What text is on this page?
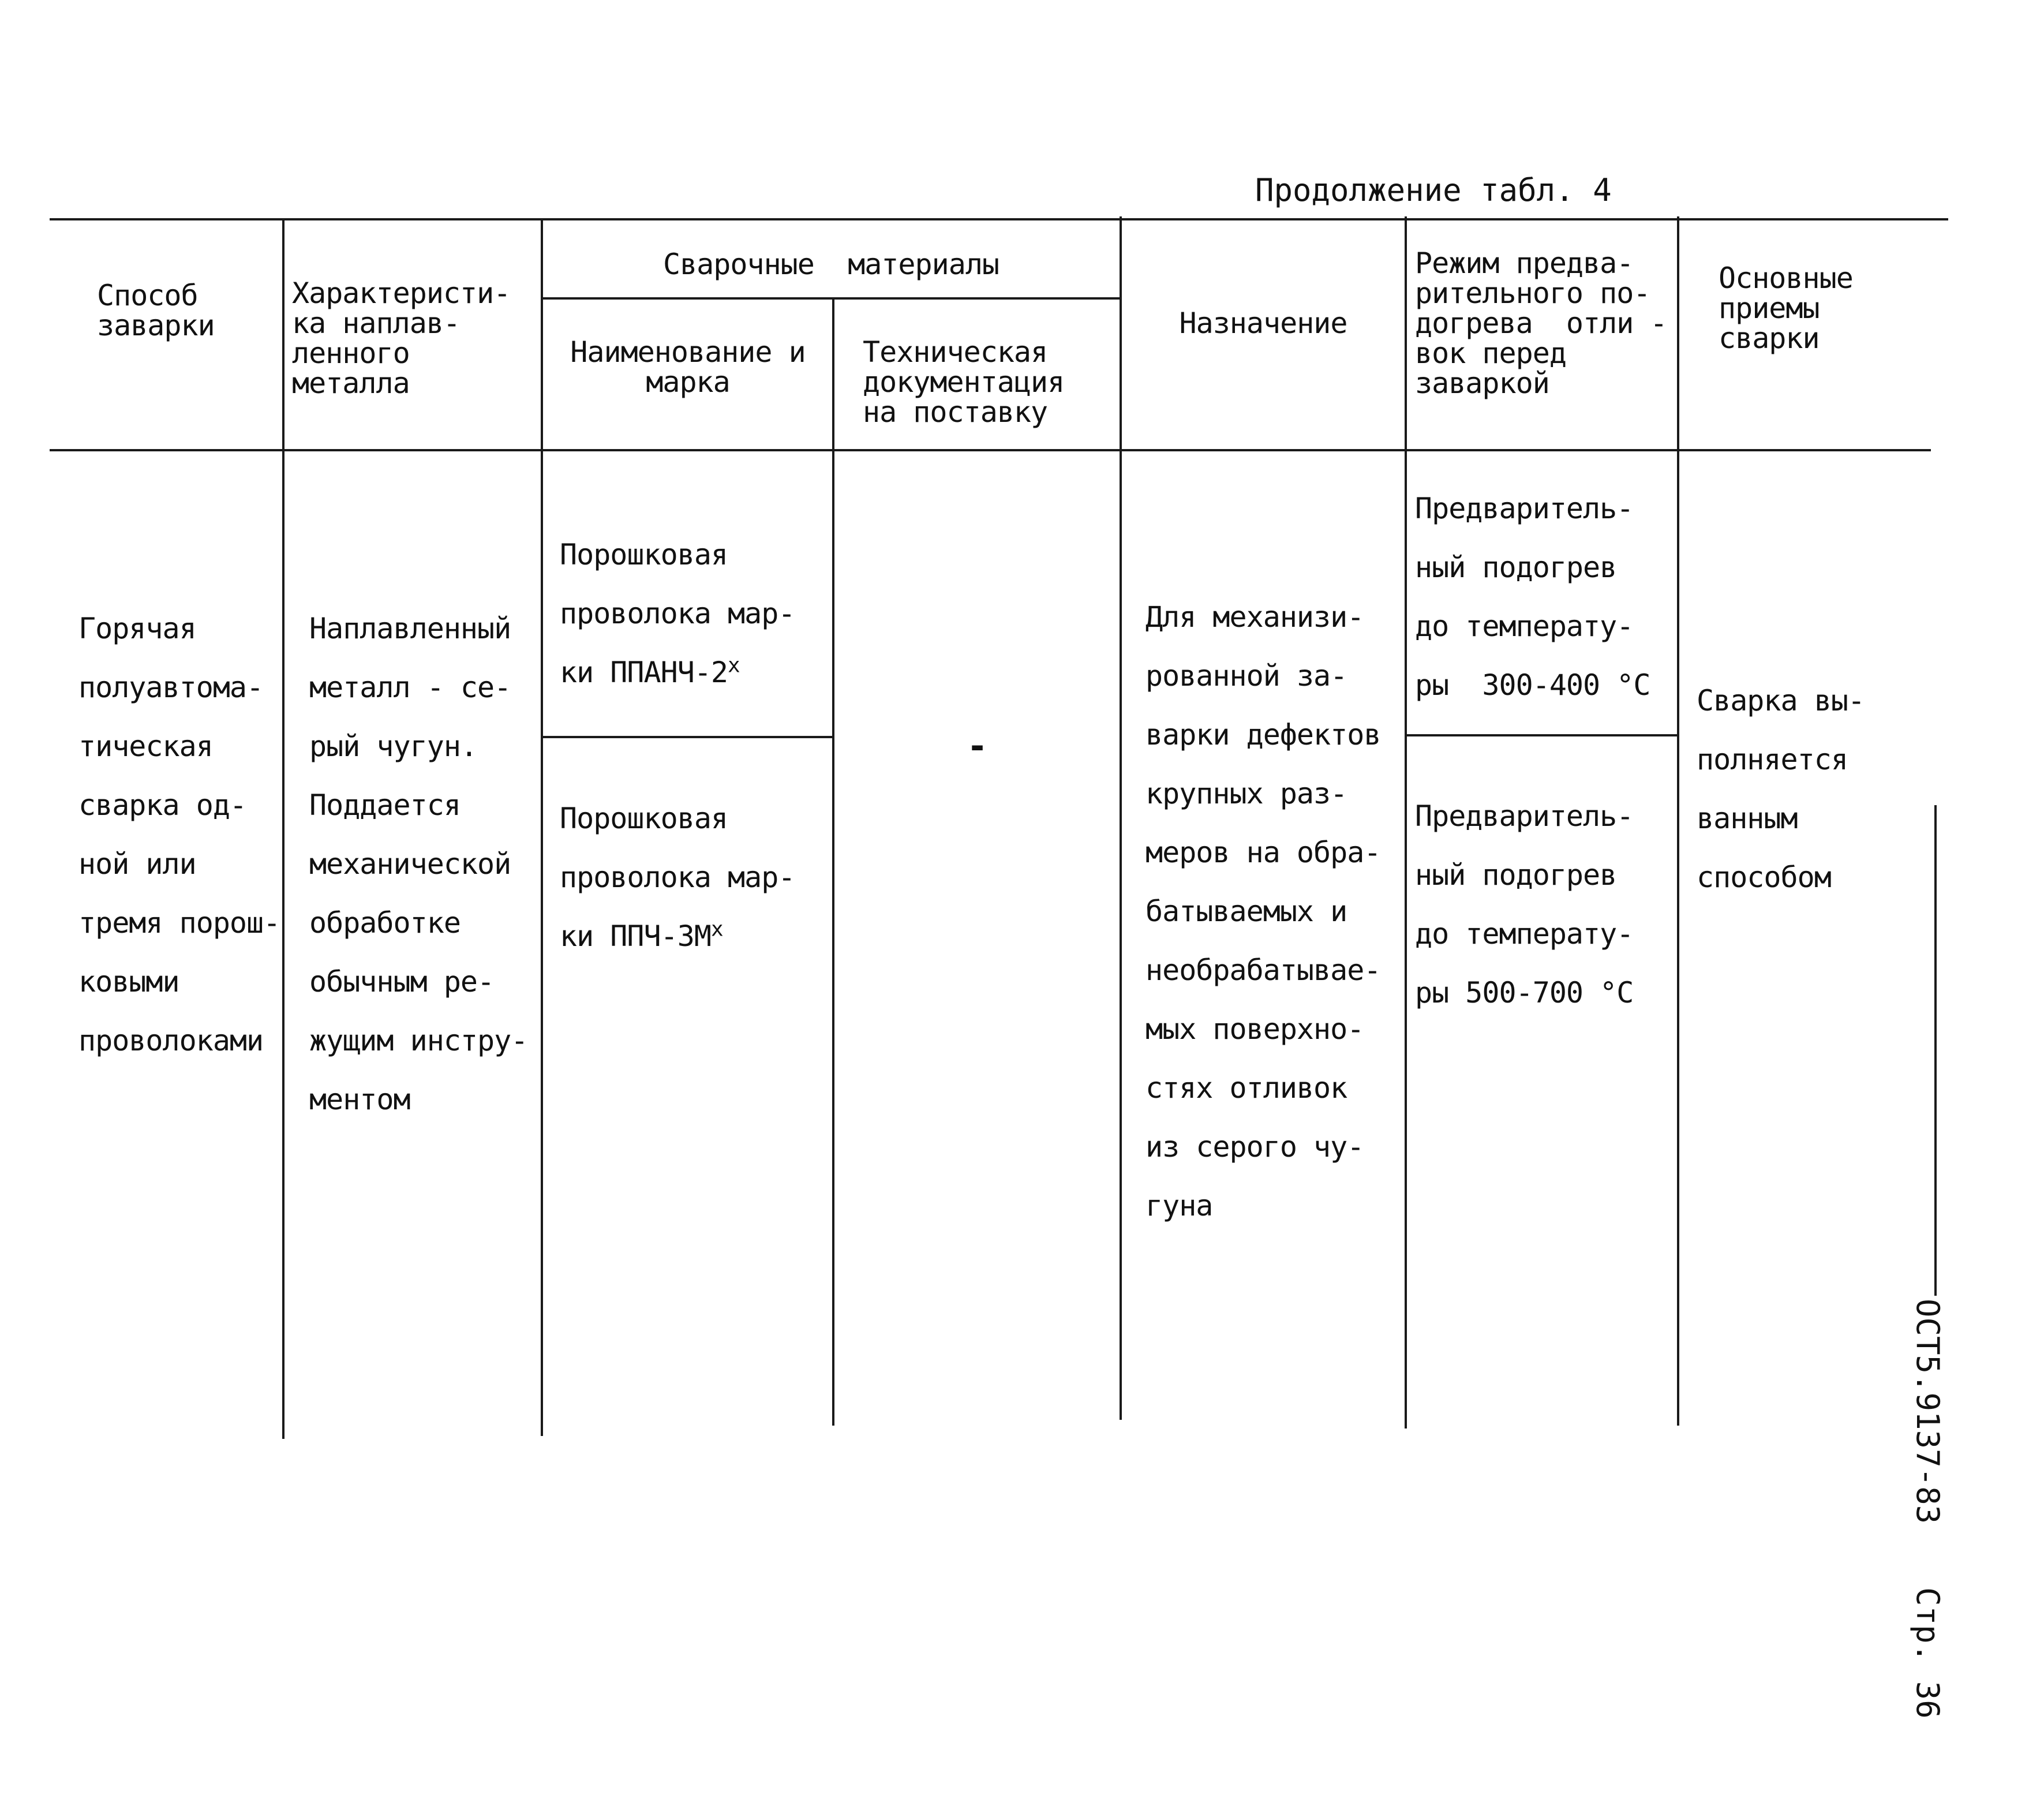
Продолжение табл. 4
Способ
заварки
Характеристи-
ка наплав-
ленного
металла
Сварочные  материалы
Наименование и
марка
Техническая
документация
на поставку
Назначение
Режим предва-
рительного по-
догрева  отли -
вок перед
заваркой
Основные
приемы
сварки
Горячая
полуавтома-
тическая
сварка од-
ной или
тремя порош-
ковыми
проволоками
Наплавленный
металл - се-
рый чугун.
Поддается
механической
обработке
обычным ре-
жущим инстру-
ментом
Порошковая
проволока мар-
ки ППАНЧ-$2^х$
Порошковая
проволока мар-
ки ППЧ-$3М^х$
-
Для механизи-
рованной за-
варки дефектов
крупных раз-
меров на обра-
батываемых и
необрабатывае-
мых поверхно-
стях отливок
из серого чу-
гуна
Предваритель-
ный подогрев
до температу-
ры  300-400 °С
Предваритель-
ный подогрев
до температу-
ры 500-700 °С
Сварка вы-
полняется
ванным
способом
ОСТ5.9137-83Стр. 36
